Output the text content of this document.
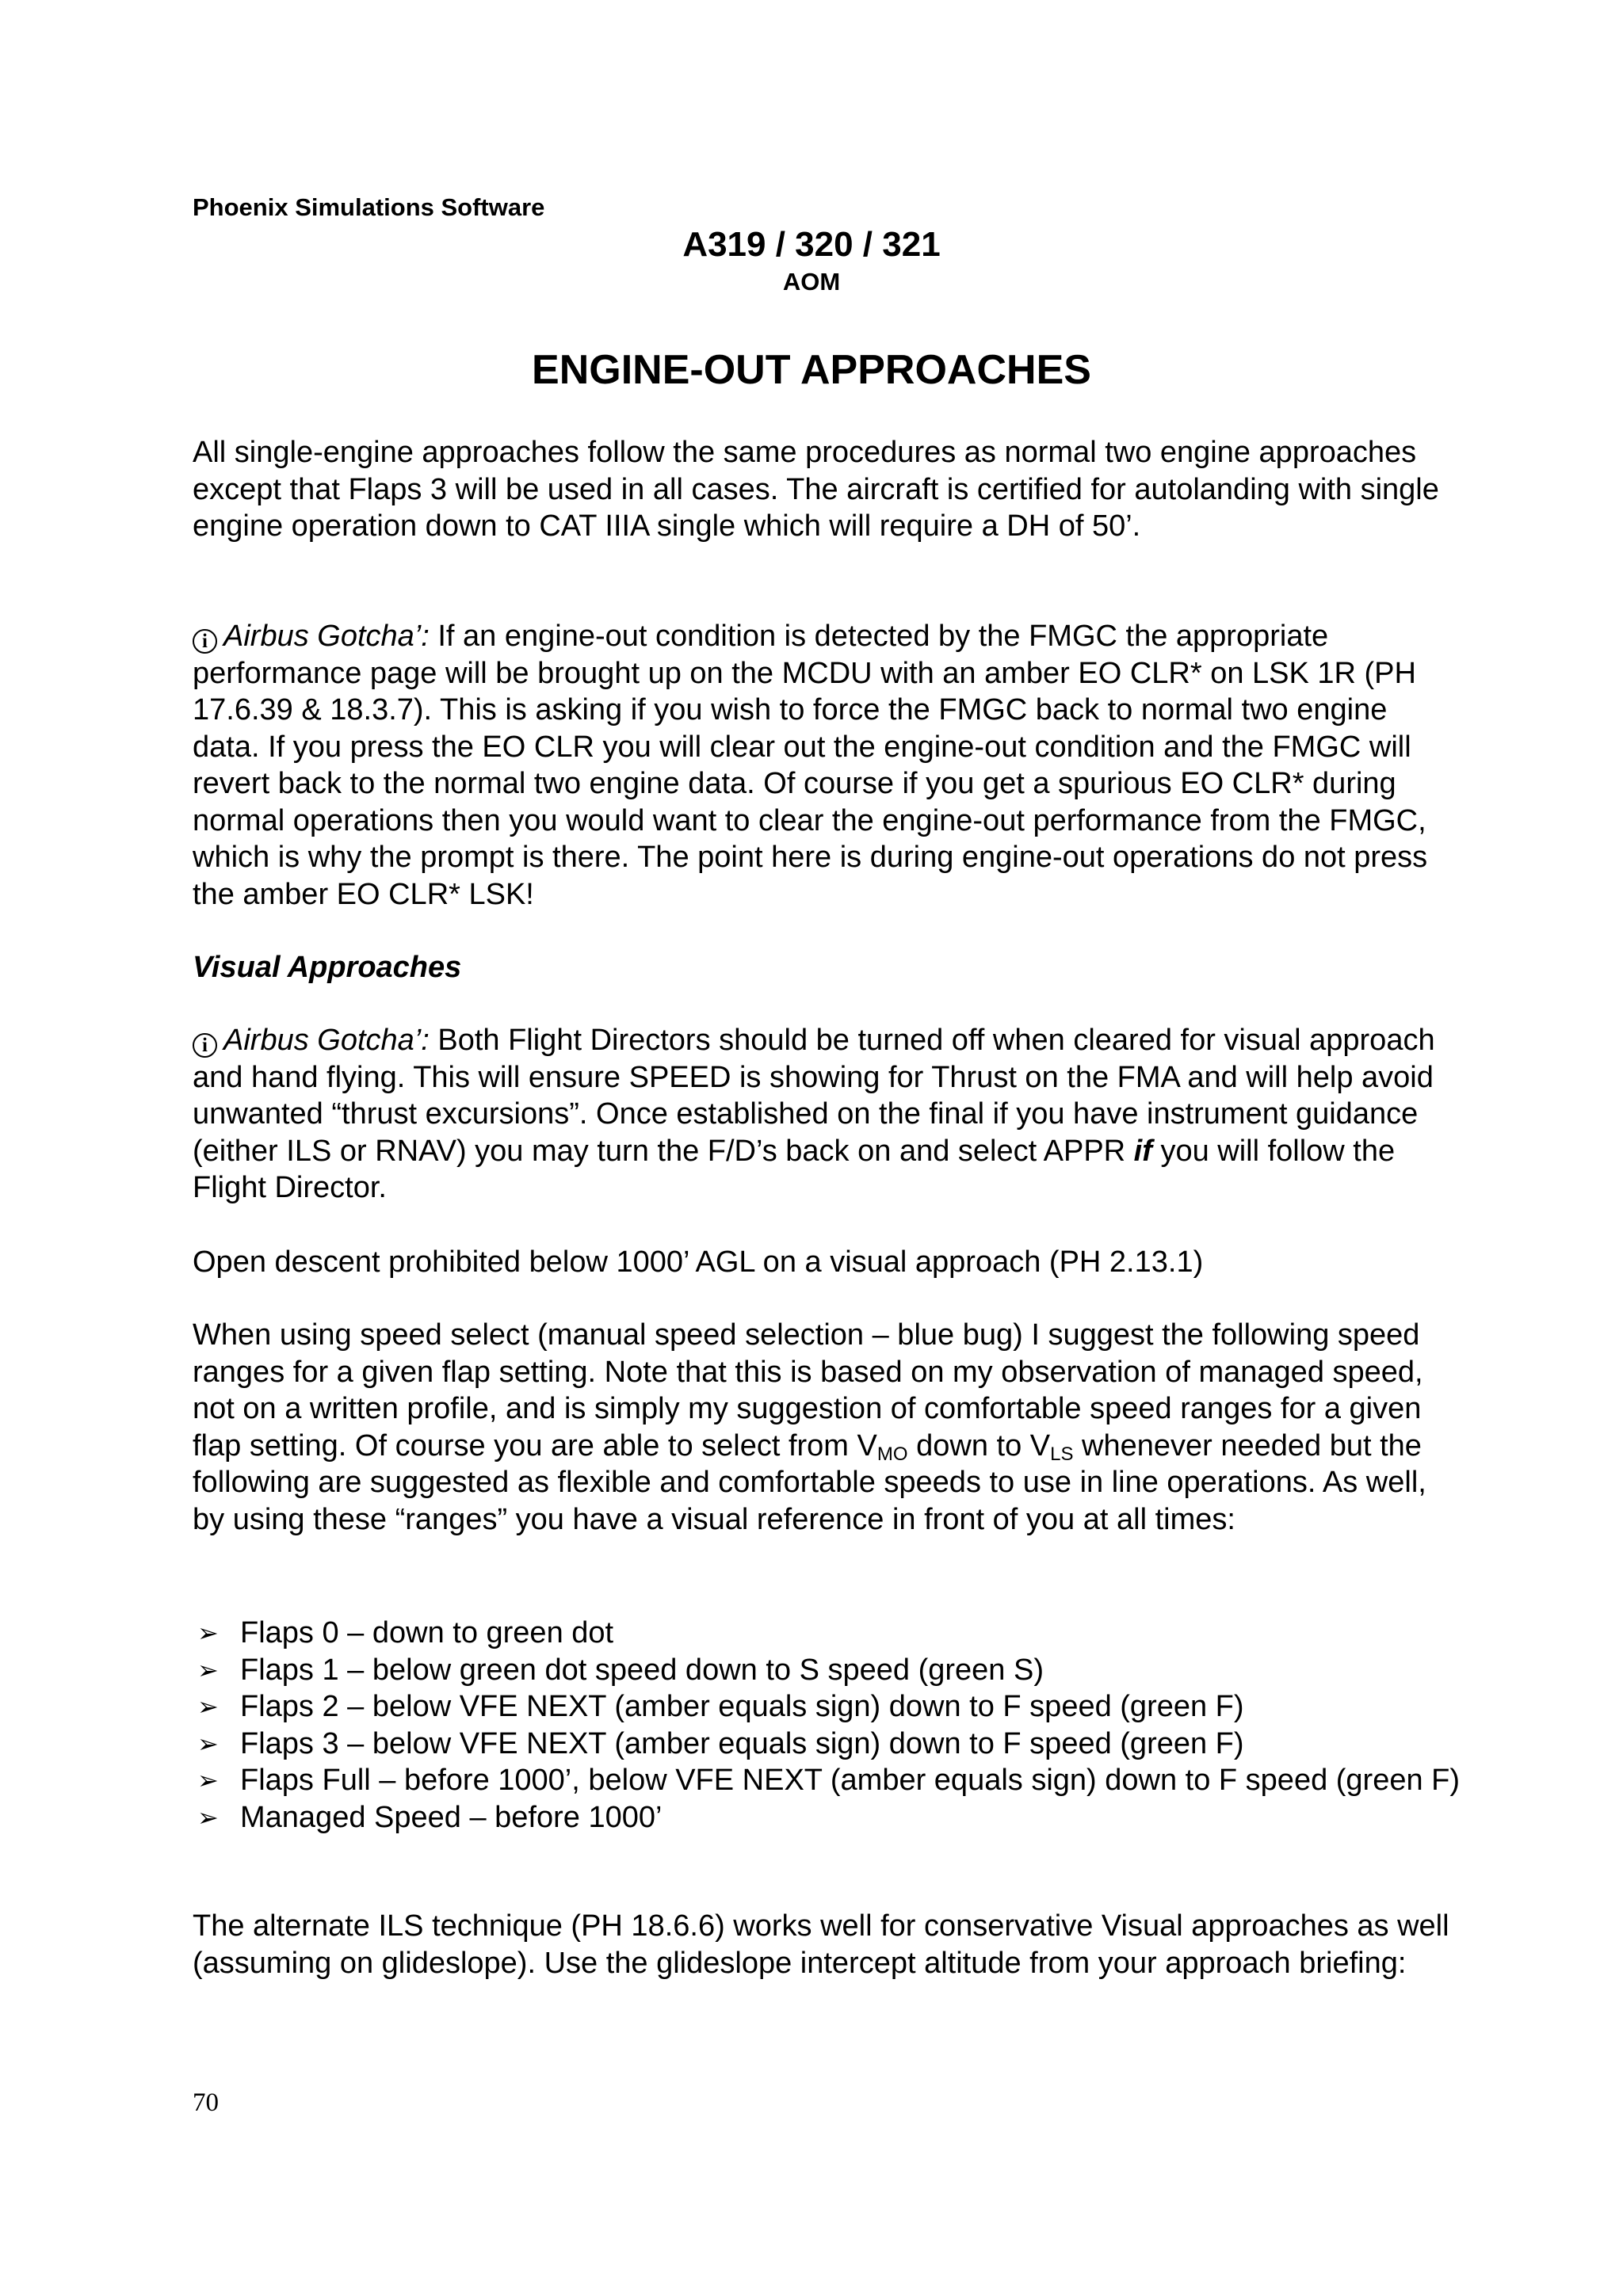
Phoenix Simulations Software
A319 / 320 / 321
AOM
ENGINE-OUT APPROACHES

All single-engine approaches follow the same procedures as normal two engine approaches except that Flaps 3 will be used in all cases. The aircraft is certified for autolanding with single engine operation down to CAT IIIA single which will require a DH of 50’.

i Airbus Gotcha’: If an engine-out condition is detected by the FMGC the appropriate performance page will be brought up on the MCDU with an amber EO CLR* on LSK 1R (PH 17.6.39 & 18.3.7). This is asking if you wish to force the FMGC back to normal two engine data. If you press the EO CLR you will clear out the engine-out condition and the FMGC will revert back to the normal two engine data. Of course if you get a spurious EO CLR* during normal operations then you would want to clear the engine-out performance from the FMGC, which is why the prompt is there. The point here is during engine-out operations do not press the amber EO CLR* LSK!

Visual Approaches

i Airbus Gotcha’: Both Flight Directors should be turned off when cleared for visual approach and hand flying. This will ensure SPEED is showing for Thrust on the FMA and will help avoid unwanted “thrust excursions”. Once established on the final if you have instrument guidance (either ILS or RNAV) you may turn the F/D’s back on and select APPR if you will follow the Flight Director.

Open descent prohibited below 1000’ AGL on a visual approach (PH 2.13.1)

When using speed select (manual speed selection – blue bug) I suggest the following speed ranges for a given flap setting. Note that this is based on my observation of managed speed, not on a written profile, and is simply my suggestion of comfortable speed ranges for a given flap setting. Of course you are able to select from $V_{MO}$ down to $V_{LS}$ whenever needed but the following are suggested as flexible and comfortable speeds to use in line operations. As well, by using these “ranges” you have a visual reference in front of you at all times:

➢ Flaps 0 – down to green dot
➢ Flaps 1 – below green dot speed down to S speed (green S)
➢ Flaps 2 – below VFE NEXT (amber equals sign) down to F speed (green F)
➢ Flaps 3 – below VFE NEXT (amber equals sign) down to F speed (green F)
➢ Flaps Full – before 1000’, below VFE NEXT (amber equals sign) down to F speed (green F)
➢ Managed Speed – before 1000’

The alternate ILS technique (PH 18.6.6) works well for conservative Visual approaches as well (assuming on glideslope). Use the glideslope intercept altitude from your approach briefing:

70
